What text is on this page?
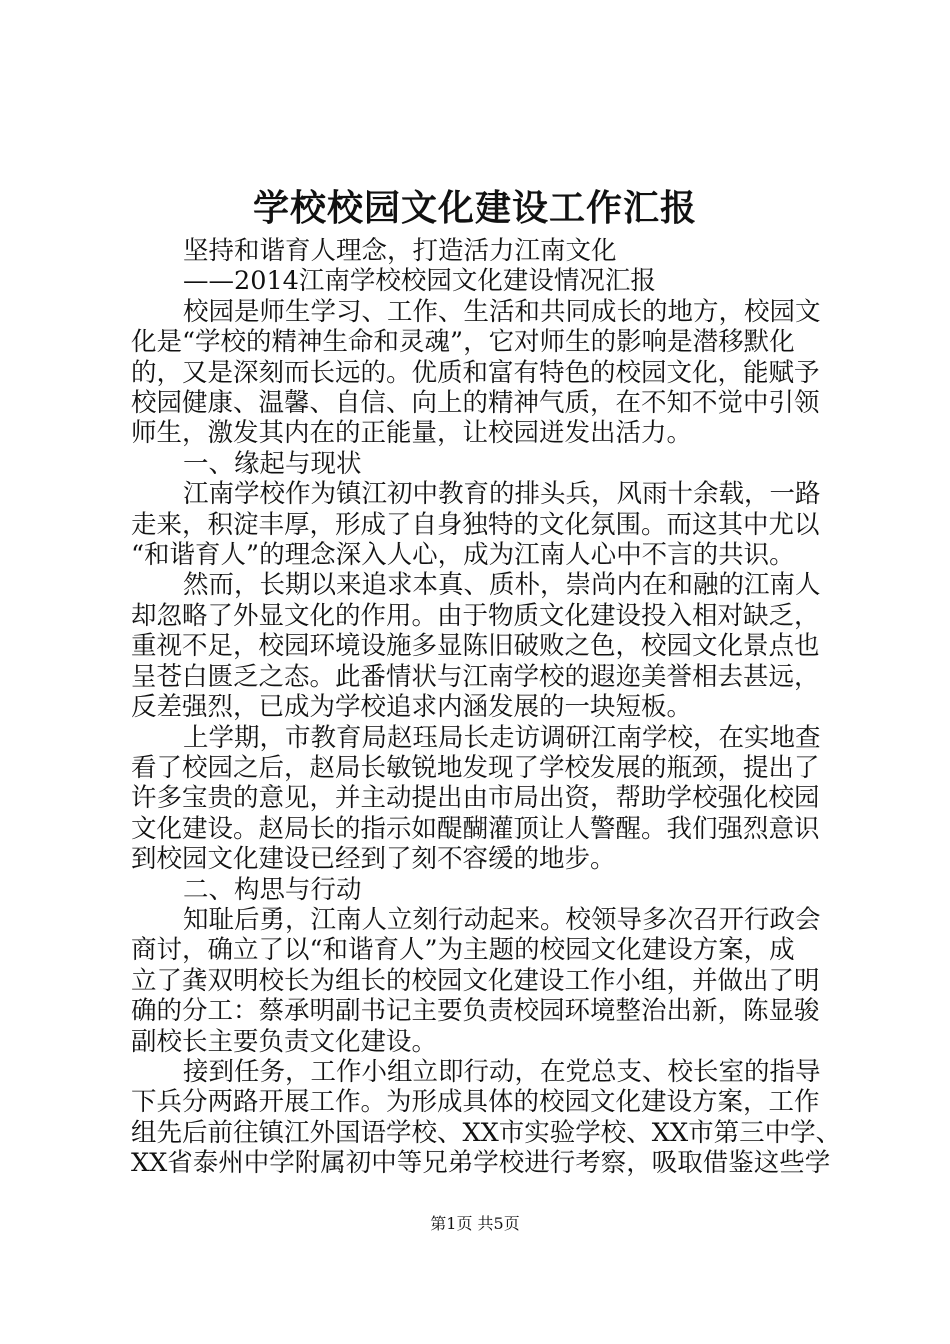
学校校园文化建设工作汇报

坚持和谐育人理念，打造活力江南文化

——2014江南学校校园文化建设情况汇报

校园是师生学习、工作、生活和共同成长的地方，校园文

化是“学校的精神生命和灵魂”，它对师生的影响是潜移默化

的，又是深刻而长远的。优质和富有特色的校园文化，能赋予

校园健康、温馨、自信、向上的精神气质，在不知不觉中引领

师生，激发其内在的正能量，让校园迸发出活力。

一、缘起与现状

江南学校作为镇江初中教育的排头兵，风雨十余载，一路

走来，积淀丰厚，形成了自身独特的文化氛围。而这其中尤以

“和谐育人”的理念深入人心，成为江南人心中不言的共识。

然而，长期以来追求本真、质朴，崇尚内在和融的江南人

却忽略了外显文化的作用。由于物质文化建设投入相对缺乏，

重视不足，校园环境设施多显陈旧破败之色，校园文化景点也

呈苍白匮乏之态。此番情状与江南学校的遐迩美誉相去甚远，

反差强烈，已成为学校追求内涵发展的一块短板。

上学期，市教育局赵珏局长走访调研江南学校，在实地查

看了校园之后，赵局长敏锐地发现了学校发展的瓶颈，提出了

许多宝贵的意见，并主动提出由市局出资，帮助学校强化校园

文化建设。赵局长的指示如醍醐灌顶让人警醒。我们强烈意识

到校园文化建设已经到了刻不容缓的地步。

二、构思与行动

知耻后勇，江南人立刻行动起来。校领导多次召开行政会

商讨，确立了以“和谐育人”为主题的校园文化建设方案，成

立了龚双明校长为组长的校园文化建设工作小组，并做出了明

确的分工：蔡承明副书记主要负责校园环境整治出新，陈显骏

副校长主要负责文化建设。

接到任务，工作小组立即行动，在党总支、校长室的指导

下兵分两路开展工作。为形成具体的校园文化建设方案，工作

组先后前往镇江外国语学校、XX市实验学校、XX市第三中学、

XX省泰州中学附属初中等兄弟学校进行考察，吸取借鉴这些学

第1页 共5页
